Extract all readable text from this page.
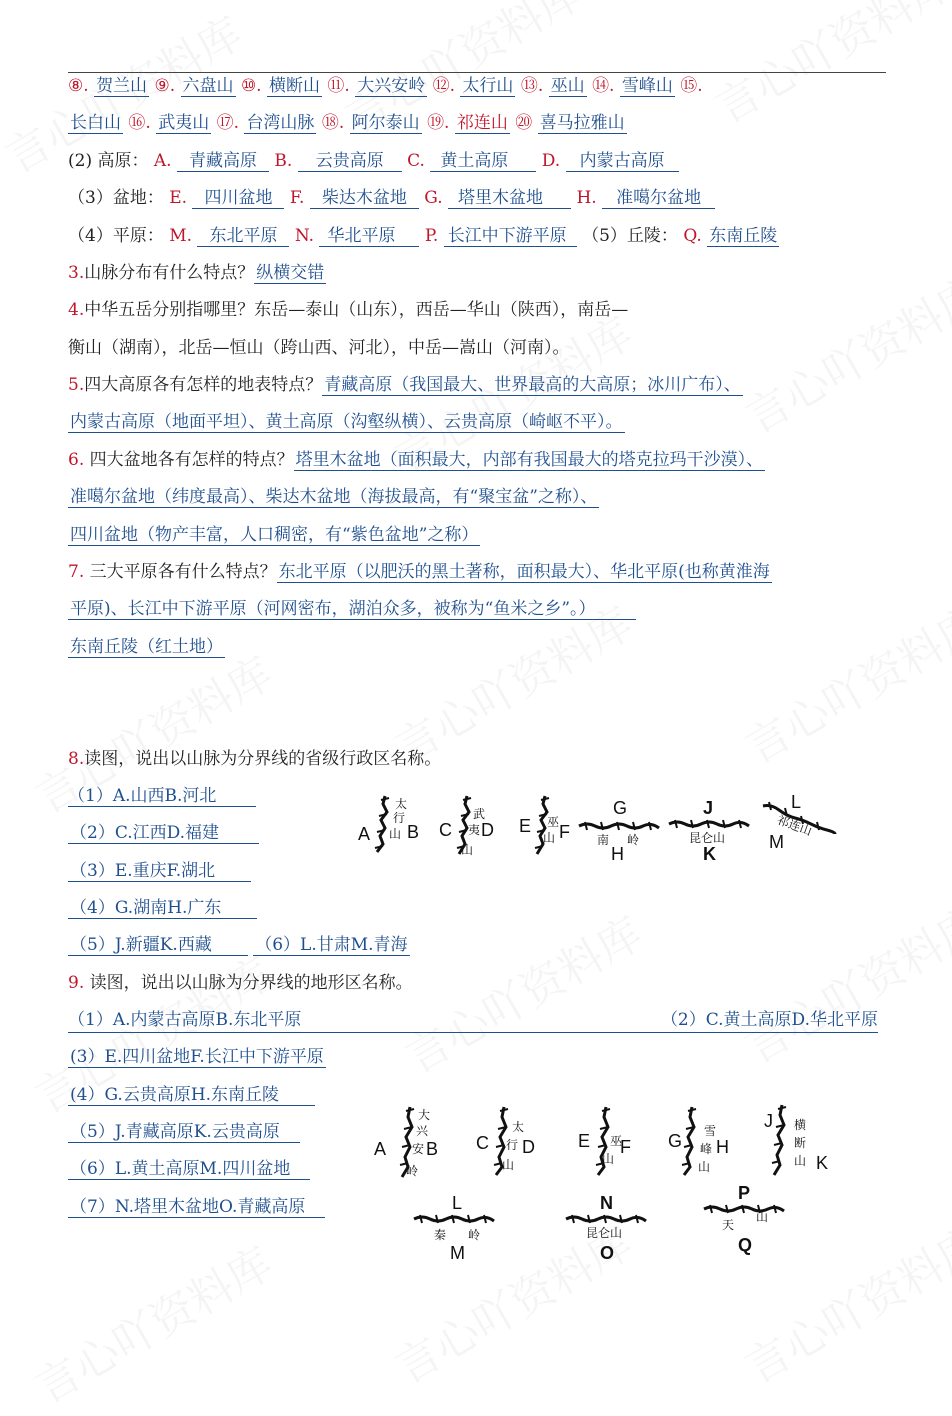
⑧. 贺兰山 ⑨. 六盘山 ⑩. 横断山 ⑪. 大兴安岭 ⑫. 太行山 ⑬. 巫山 ⑭. 雪峰山 ⑮.
长白山 ⑯. 武夷山 ⑰. 台湾山脉 ⑱. 阿尔泰山 ⑲. 祁连山 ⑳ 喜马拉雅山
(2) 高原： A. 青藏高原 B. 云贵高原 C. 黄土高原 D. 内蒙古高原
（3）盆地： E. 四川盆地 F. 柴达木盆地 G. 塔里木盆地 H. 准噶尔盆地
（4）平原： M. 东北平原 N. 华北平原 P. 长江中下游平原 （5）丘陵： Q. 东南丘陵
3.山脉分布有什么特点？ 纵横交错
4.中华五岳分别指哪里？东岳—泰山（山东），西岳—华山（陕西），南岳—
衡山（湖南），北岳—恒山（跨山西、河北），中岳—嵩山（河南）。
5.四大高原各有怎样的地表特点？ 青藏高原（我国最大、世界最高的大高原；冰川广布）、
内蒙古高原（地面平坦）、黄土高原（沟壑纵横）、云贵高原（崎岖不平）。
6. 四大盆地各有怎样的特点？ 塔里木盆地（面积最大，内部有我国最大的塔克拉玛干沙漠）、
准噶尔盆地（纬度最高）、柴达木盆地（海拔最高，有“聚宝盆”之称）、
四川盆地（物产丰富，人口稠密，有“紫色盆地”之称）
7. 三大平原各有什么特点？ 东北平原（以肥沃的黑土著称，面积最大）、华北平原(也称黄淮海
平原)、长江中下游平原（河网密布，湖泊众多，被称为“鱼米之乡”。）
东南丘陵（红土地）
8.读图，说出以山脉为分界线的省级行政区名称。
（1）A.山西B.河北
（2）C.江西D.福建
（3）E.重庆F.湖北
（4）G.湖南H.广东
（5）J.新疆K.西藏	（6）L.甘肃M.青海
A B
太行山	C D
武夷山
E F
巫山
G
H
南 岭
J
K
昆仑山
L
M
祁连山
9. 读图，说出以山脉为分界线的地形区名称。
（1）A.内蒙古高原B.东北平原	（2）C.黄土高原D.华北平原
(3）E.四川盆地F.长江中下游平原
(4）G.云贵高原H.东南丘陵
（5）J.青藏高原K.云贵高原
（6）L.黄土高原M.四川盆地
（7）N.塔里木盆地O.青藏高原
A B
大兴安岭
C D
太行山
E F
巫山
G H
雪峰山
J
K
横断山
L
M
秦 岭
N
O
昆仑山
P
Q
天山
